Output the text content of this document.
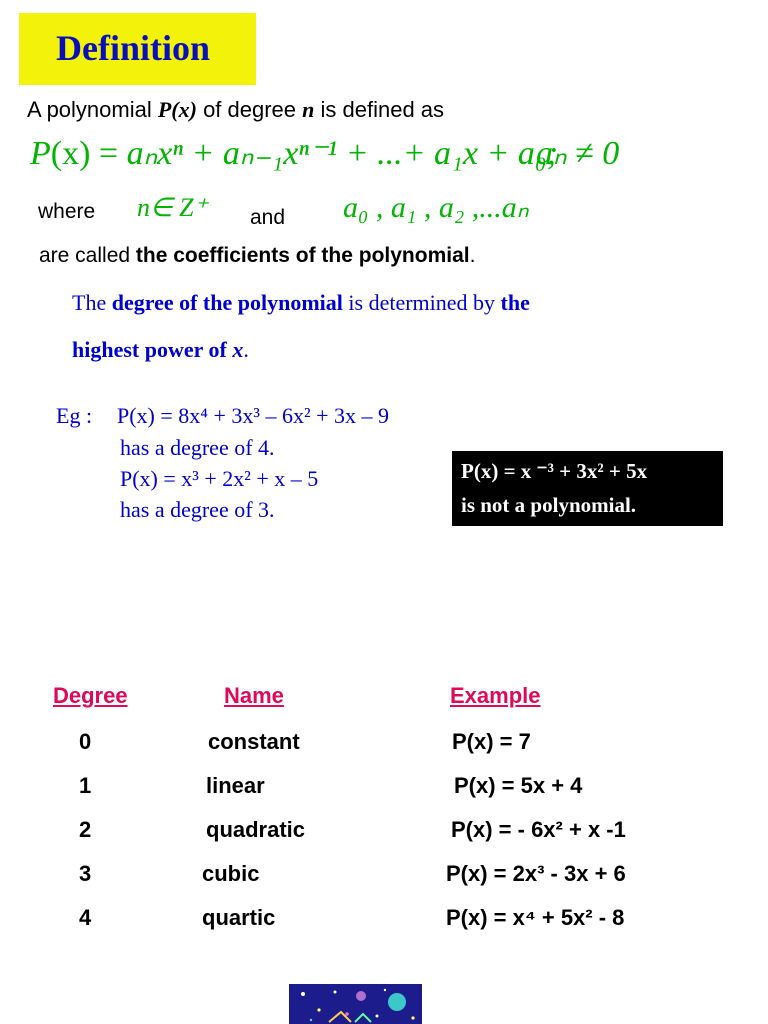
Definition
A polynomial P(x) of degree n is defined as
P(x) = aₙxⁿ + aₙ₋₁xⁿ⁻¹ + ...+ a₁x + a₀;
aₙ ≠ 0
where n∈ Z⁺ and a₀ , a₁ , a₂ ,...aₙ
are called the coefficients of the polynomial.
The degree of the polynomial is determined by the
highest power of x.
Eg : P(x) = 8x⁴ + 3x³ – 6x² + 3x – 9
has a degree of 4.
P(x) = x³ + 2x² + x – 5
has a degree of 3.
P(x) = x ⁻³ + 3x² + 5x
is not a polynomial.
Degree	Name	Example
0	constant	P(x) = 7
1	linear	P(x) = 5x + 4
2	quadratic	P(x) = - 6x² + x -1
3	cubic	P(x) = 2x³ - 3x + 6
4	quartic	P(x) = x⁴ + 5x² - 8
